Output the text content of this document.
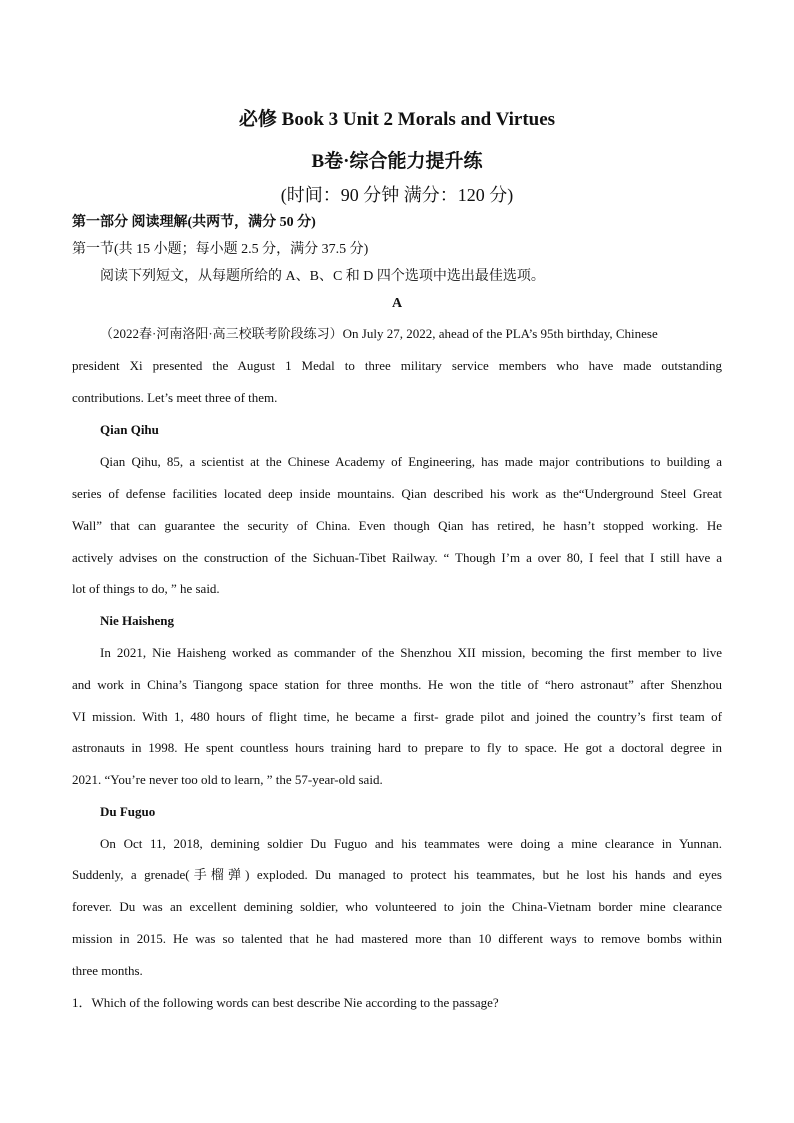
必修 Book 3 Unit 2 Morals and Virtues
B卷·综合能力提升练
(时间：90 分钟 满分：120 分)
第一部分 阅读理解(共两节，满分 50 分)
第一节(共 15 小题；每小题 2.5 分，满分 37.5 分)
阅读下列短文，从每题所给的 A、B、C 和 D 四个选项中选出最佳选项。
A
（2022春·河南洛阳·高三校联考阶段练习）On July 27, 2022, ahead of the PLA’s 95th birthday, Chinese
president Xi presented the August 1 Medal to three military service members who have made outstanding
contributions. Let’s meet three of them.
Qian Qihu
Qian Qihu, 85, a scientist at the Chinese Academy of Engineering, has made major contributions to building a
series of defense facilities located deep inside mountains. Qian described his work as the“Underground Steel Great
Wall” that can guarantee the security of China. Even though Qian has retired, he hasn’t stopped working. He
actively advises on the construction of the Sichuan-Tibet Railway. “ Though I’m a over 80, I feel that I still have a
lot of things to do, ” he said.
Nie Haisheng
In 2021, Nie Haisheng worked as commander of the Shenzhou XII mission, becoming the first member to live
and work in China’s Tiangong space station for three months. He won the title of “hero astronaut” after Shenzhou
VI mission. With 1, 480 hours of flight time, he became a first- grade pilot and joined the country’s first team of
astronauts in 1998. He spent countless hours training hard to prepare to fly to space. He got a doctoral degree in
2021. “You’re never too old to learn, ” the 57-year-old said.
Du Fuguo
On Oct 11, 2018, demining soldier Du Fuguo and his teammates were doing a mine clearance in Yunnan.
Suddenly, a grenade(手榴弹) exploded. Du managed to protect his teammates, but he lost his hands and eyes
forever. Du was an excellent demining soldier, who volunteered to join the China-Vietnam border mine clearance
mission in 2015. He was so talented that he had mastered more than 10 different ways to remove bombs within
three months.
1．Which of the following words can best describe Nie according to the passage?
